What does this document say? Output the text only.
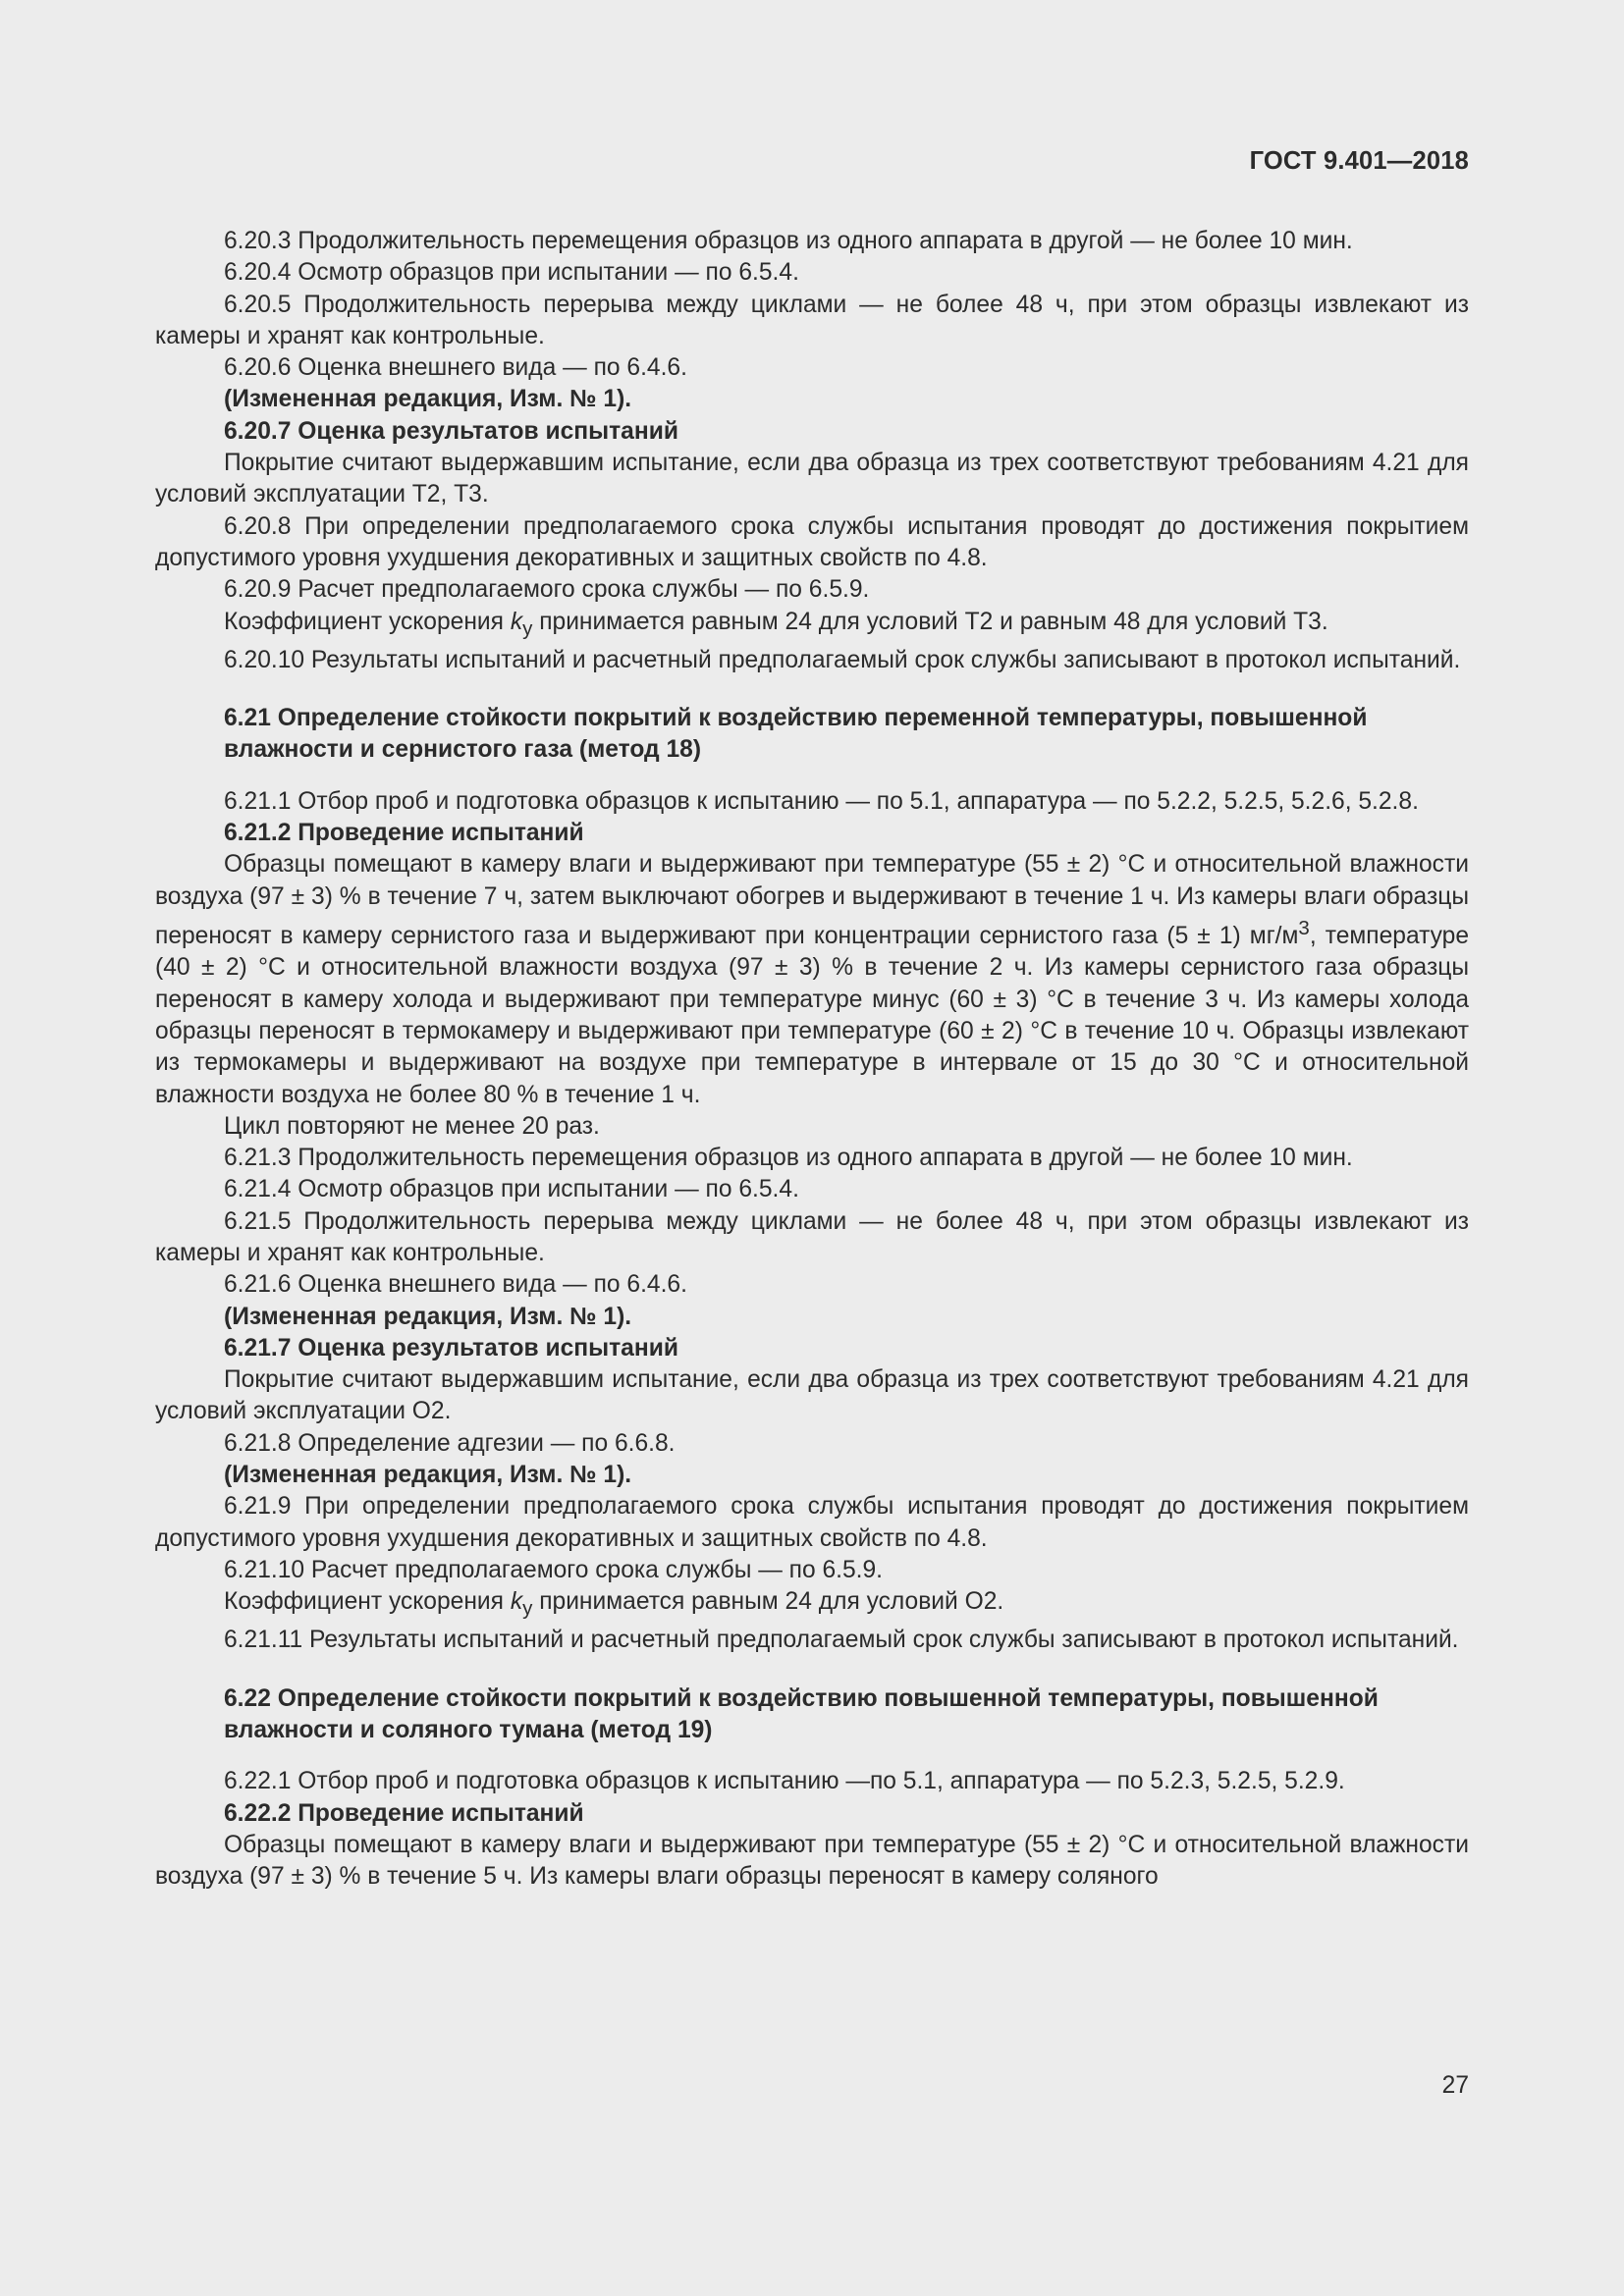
ГОСТ 9.401—2018

6.20.3 Продолжительность перемещения образцов из одного аппарата в другой — не более 10 мин.

6.20.4 Осмотр образцов при испытании — по 6.5.4.

6.20.5 Продолжительность перерыва между циклами — не более 48 ч, при этом образцы извлекают из камеры и хранят как контрольные.

6.20.6 Оценка внешнего вида — по 6.4.6.

(Измененная редакция, Изм. № 1).

6.20.7 Оценка результатов испытаний

Покрытие считают выдержавшим испытание, если два образца из трех соответствуют требованиям 4.21 для условий эксплуатации Т2, Т3.

6.20.8 При определении предполагаемого срока службы испытания проводят до достижения покрытием допустимого уровня ухудшения декоративных и защитных свойств по 4.8.

6.20.9 Расчет предполагаемого срока службы — по 6.5.9.

Коэффициент ускорения $k_у$ принимается равным 24 для условий Т2 и равным 48 для условий Т3.

6.20.10 Результаты испытаний и расчетный предполагаемый срок службы записывают в протокол испытаний.

6.21 Определение стойкости покрытий к воздействию переменной температуры, повышенной влажности и сернистого газа (метод 18)

6.21.1 Отбор проб и подготовка образцов к испытанию — по 5.1, аппаратура — по 5.2.2, 5.2.5, 5.2.6, 5.2.8.

6.21.2 Проведение испытаний

Образцы помещают в камеру влаги и выдерживают при температуре (55 ± 2) °С и относительной влажности воздуха (97 ± 3) % в течение 7 ч, затем выключают обогрев и выдерживают в течение 1 ч. Из камеры влаги образцы переносят в камеру сернистого газа и выдерживают при концентрации сернистого газа (5 ± 1) $мг/м^3$, температуре (40 ± 2) °С и относительной влажности воздуха (97 ± 3) % в течение 2 ч. Из камеры сернистого газа образцы переносят в камеру холода и выдерживают при температуре минус (60 ± 3) °С в течение 3 ч. Из камеры холода образцы переносят в термокамеру и выдерживают при температуре (60 ± 2) °С в течение 10 ч. Образцы извлекают из термокамеры и выдерживают на воздухе при температуре в интервале от 15 до 30 °С и относительной влажности воздуха не более 80 % в течение 1 ч.

Цикл повторяют не менее 20 раз.

6.21.3 Продолжительность перемещения образцов из одного аппарата в другой — не более 10 мин.

6.21.4 Осмотр образцов при испытании — по 6.5.4.

6.21.5 Продолжительность перерыва между циклами — не более 48 ч, при этом образцы извлекают из камеры и хранят как контрольные.

6.21.6 Оценка внешнего вида — по 6.4.6.

(Измененная редакция, Изм. № 1).

6.21.7 Оценка результатов испытаний

Покрытие считают выдержавшим испытание, если два образца из трех соответствуют требованиям 4.21 для условий эксплуатации О2.

6.21.8 Определение адгезии — по 6.6.8.

(Измененная редакция, Изм. № 1).

6.21.9 При определении предполагаемого срока службы испытания проводят до достижения покрытием допустимого уровня ухудшения декоративных и защитных свойств по 4.8.

6.21.10 Расчет предполагаемого срока службы — по 6.5.9.

Коэффициент ускорения $k_у$ принимается равным 24 для условий О2.

6.21.11 Результаты испытаний и расчетный предполагаемый срок службы записывают в протокол испытаний.

6.22 Определение стойкости покрытий к воздействию повышенной температуры, повышенной влажности и соляного тумана (метод 19)

6.22.1 Отбор проб и подготовка образцов к испытанию —по 5.1, аппаратура — по 5.2.3, 5.2.5, 5.2.9.

6.22.2 Проведение испытаний

Образцы помещают в камеру влаги и выдерживают при температуре (55 ± 2) °С и относительной влажности воздуха (97 ± 3) % в течение 5 ч. Из камеры влаги образцы переносят в камеру соляного

27
